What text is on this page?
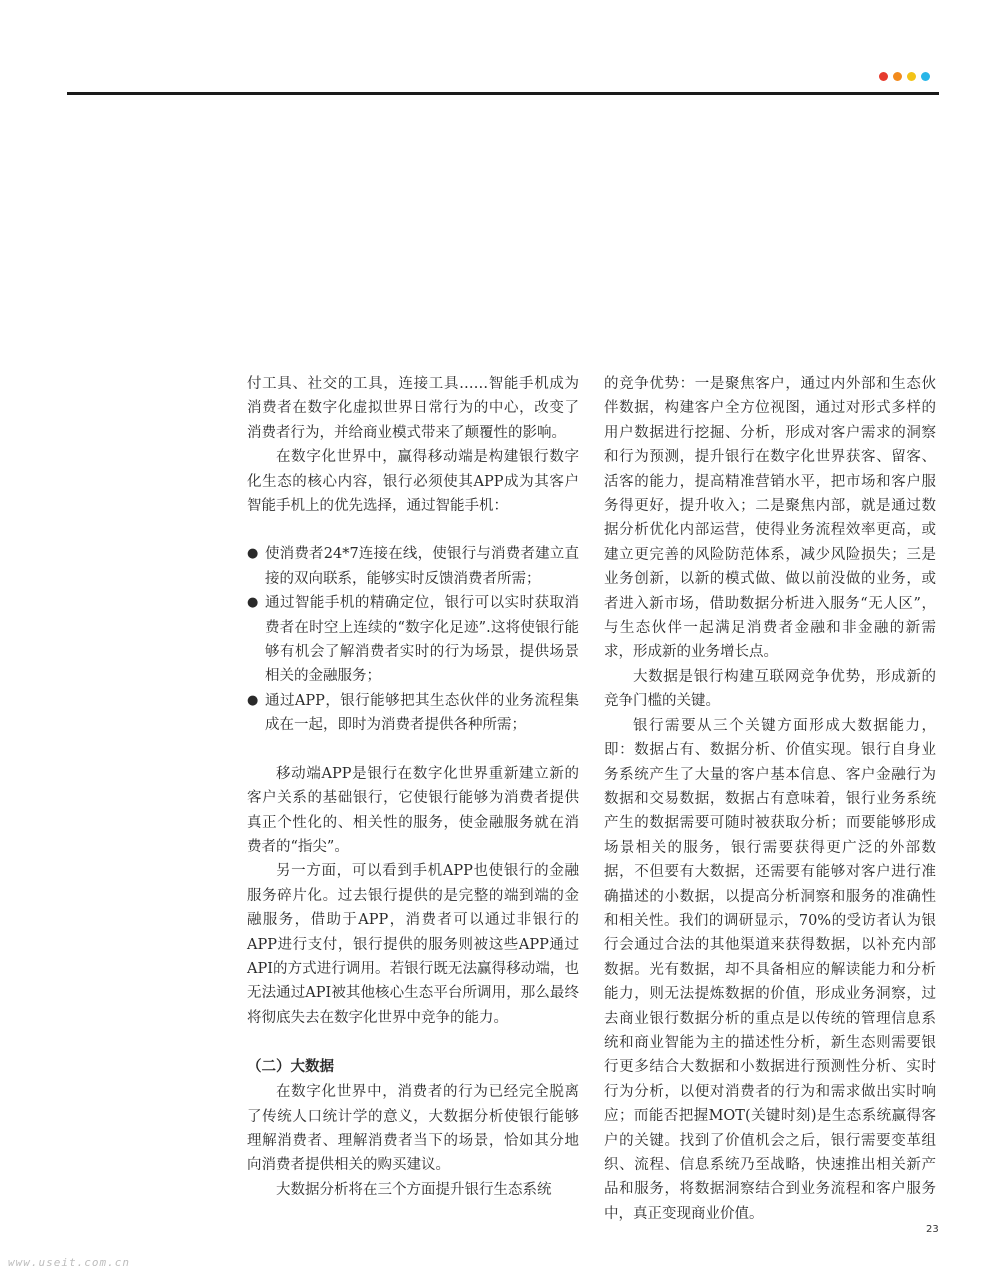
付工具、社交的工具，连接工具……智能手机成为消费者在数字化虚拟世界日常行为的中心，改变了消费者行为，并给商业模式带来了颠覆性的影响。

在数字化世界中，赢得移动端是构建银行数字化生态的核心内容，银行必须使其APP成为其客户智能手机上的优先选择，通过智能手机：

● 使消费者24*7连接在线，使银行与消费者建立直接的双向联系，能够实时反馈消费者所需；
● 通过智能手机的精确定位，银行可以实时获取消费者在时空上连续的“数字化足迹”.这将使银行能够有机会了解消费者实时的行为场景，提供场景相关的金融服务；
● 通过APP，银行能够把其生态伙伴的业务流程集成在一起，即时为消费者提供各种所需；

移动端APP是银行在数字化世界重新建立新的客户关系的基础银行，它使银行能够为消费者提供真正个性化的、相关性的服务，使金融服务就在消费者的“指尖”。

另一方面，可以看到手机APP也使银行的金融服务碎片化。过去银行提供的是完整的端到端的金融服务，借助于APP，消费者可以通过非银行的APP进行支付，银行提供的服务则被这些APP通过API的方式进行调用。若银行既无法赢得移动端，也无法通过API被其他核心生态平台所调用，那么最终将彻底失去在数字化世界中竞争的能力。

（二）大数据

在数字化世界中，消费者的行为已经完全脱离了传统人口统计学的意义，大数据分析使银行能够理解消费者、理解消费者当下的场景，恰如其分地向消费者提供相关的购买建议。

大数据分析将在三个方面提升银行生态系统

的竞争优势：一是聚焦客户，通过内外部和生态伙伴数据，构建客户全方位视图，通过对形式多样的用户数据进行挖掘、分析，形成对客户需求的洞察和行为预测，提升银行在数字化世界获客、留客、活客的能力，提高精准营销水平，把市场和客户服务得更好，提升收入；二是聚焦内部，就是通过数据分析优化内部运营，使得业务流程效率更高，或建立更完善的风险防范体系，减少风险损失；三是业务创新，以新的模式做、做以前没做的业务，或者进入新市场，借助数据分析进入服务“无人区”，与生态伙伴一起满足消费者金融和非金融的新需求，形成新的业务增长点。

大数据是银行构建互联网竞争优势，形成新的竞争门槛的关键。

银行需要从三个关键方面形成大数据能力，即：数据占有、数据分析、价值实现。银行自身业务系统产生了大量的客户基本信息、客户金融行为数据和交易数据，数据占有意味着，银行业务系统产生的数据需要可随时被获取分析；而要能够形成场景相关的服务，银行需要获得更广泛的外部数据，不但要有大数据，还需要有能够对客户进行准确描述的小数据，以提高分析洞察和服务的准确性和相关性。我们的调研显示，70%的受访者认为银行会通过合法的其他渠道来获得数据，以补充内部数据。光有数据，却不具备相应的解读能力和分析能力，则无法提炼数据的价值，形成业务洞察，过去商业银行数据分析的重点是以传统的管理信息系统和商业智能为主的描述性分析，新生态则需要银行更多结合大数据和小数据进行预测性分析、实时行为分析，以便对消费者的行为和需求做出实时响应；而能否把握MOT(关键时刻)是生态系统赢得客户的关键。找到了价值机会之后，银行需要变革组织、流程、信息系统乃至战略，快速推出相关新产品和服务，将数据洞察结合到业务流程和客户服务中，真正变现商业价值。

23
www.useit.com.cn
